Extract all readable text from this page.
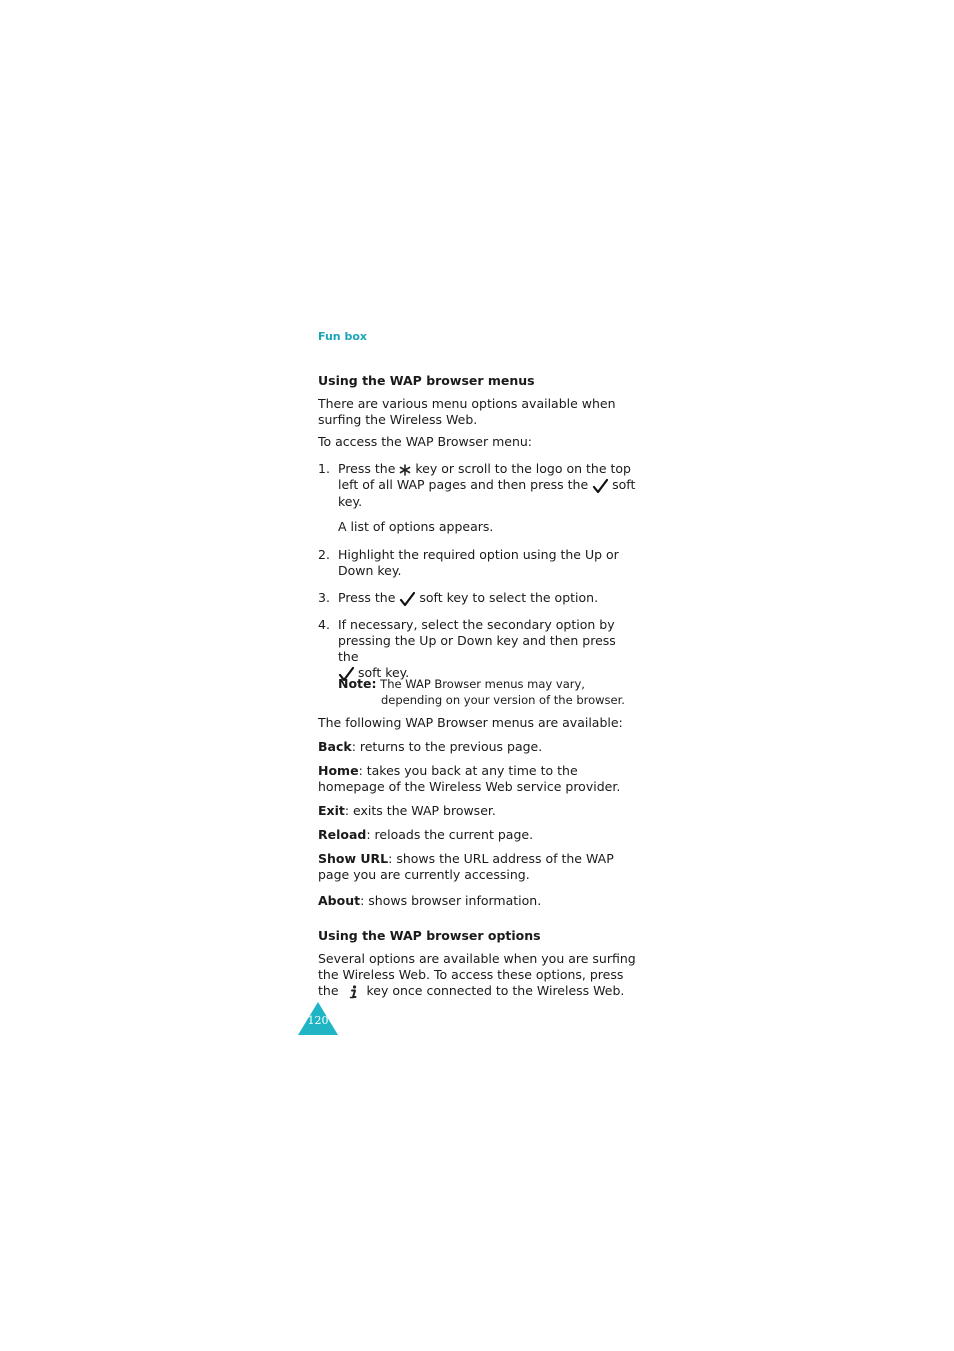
Fun box
Using the WAP browser menus
There are various menu options available when
surfing the Wireless Web.
To access the WAP Browser menu:
1. Press the key or scroll to the logo on the top
left of all WAP pages and then press the soft
key.
A list of options appears.
2. Highlight the required option using the Up or
Down key.
3. Press the soft key to select the option.
4. If necessary, select the secondary option by
pressing the Up or Down key and then press the
soft key.
Note: The WAP Browser menus may vary,
depending on your version of the browser.
The following WAP Browser menus are available:
Back: returns to the previous page.
Home: takes you back at any time to the
homepage of the Wireless Web service provider.
Exit: exits the WAP browser.
Reload: reloads the current page.
Show URL: shows the URL address of the WAP
page you are currently accessing.
About: shows browser information.
Using the WAP browser options
Several options are available when you are surfing
the Wireless Web. To access these options, press
the key once connected to the Wireless Web.
120
